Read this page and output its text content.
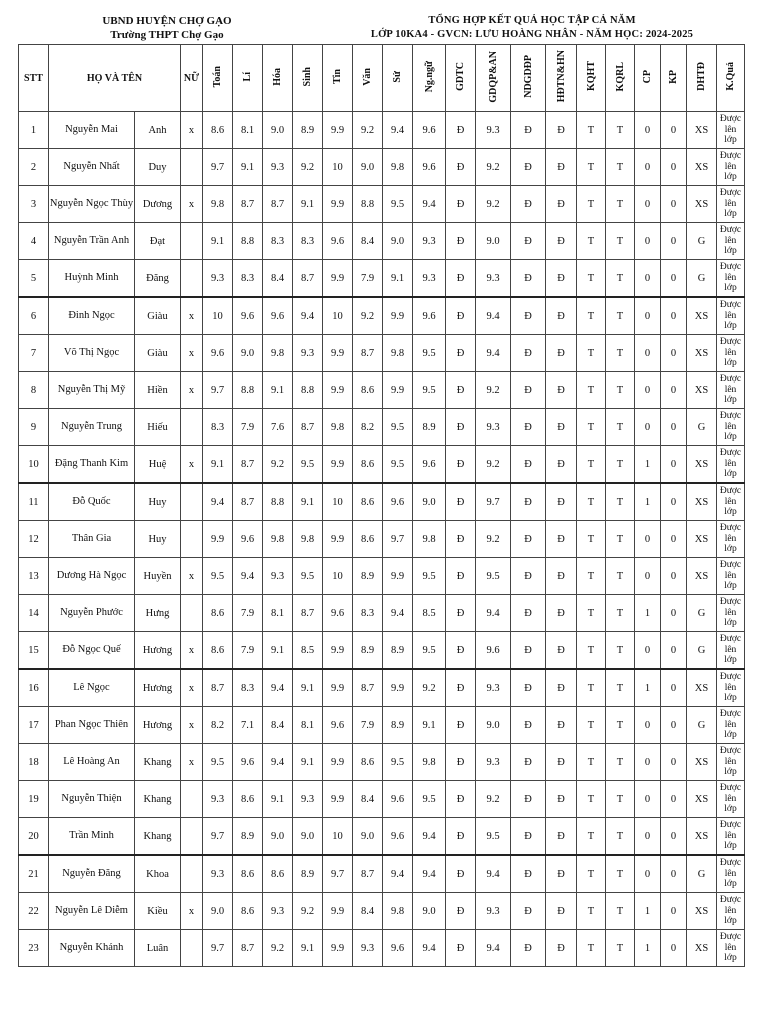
UBND HUYỆN CHỢ GẠO
Trường THPT Chợ Gạo
TỔNG HỢP KẾT QUẢ HỌC TẬP CẢ NĂM
LỚP 10KA4 - GVCN: LƯU HOÀNG NHÂN - NĂM HỌC: 2024-2025
STT	HỌ VÀ TÊN		NỮ	Toán	Lí	Hóa	Sinh	Tin	Văn	Sử	Ng.ngữ	GDTC	GDQP&AN	NDGDĐP	HĐTN&HN	KQHT	KQRL	CP	KP	DHTĐ	K.Quả
1	Nguyễn Mai	Anh	x	8.6	8.1	9.0	8.9	9.9	9.2	9.4	9.6	Đ	9.3	Đ	Đ	T	T	0	0	XS	Được
lên
lớp

2	Nguyễn Nhất	Duy		9.7	9.1	9.3	9.2	10	9.0	9.8	9.6	Đ	9.2	Đ	Đ	T	T	0	0	XS	Được
lên
lớp

3	Nguyễn Ngọc Thùy	Dương	x	9.8	8.7	8.7	9.1	9.9	8.8	9.5	9.4	Đ	9.2	Đ	Đ	T	T	0	0	XS	Được
lên
lớp

4	Nguyễn Trần Anh	Đạt		9.1	8.8	8.3	8.3	9.6	8.4	9.0	9.3	Đ	9.0	Đ	Đ	T	T	0	0	G	Được
lên
lớp

5	Huỳnh Minh	Đăng		9.3	8.3	8.4	8.7	9.9	7.9	9.1	9.3	Đ	9.3	Đ	Đ	T	T	0	0	G	Được
lên
lớp

6	Đinh Ngọc	Giàu	x	10	9.6	9.6	9.4	10	9.2	9.9	9.6	Đ	9.4	Đ	Đ	T	T	0	0	XS	Được
lên
lớp

7	Võ Thị Ngọc	Giàu	x	9.6	9.0	9.8	9.3	9.9	8.7	9.8	9.5	Đ	9.4	Đ	Đ	T	T	0	0	XS	Được
lên
lớp

8	Nguyễn Thị Mỹ	Hiền	x	9.7	8.8	9.1	8.8	9.9	8.6	9.9	9.5	Đ	9.2	Đ	Đ	T	T	0	0	XS	Được
lên
lớp

9	Nguyễn Trung	Hiếu		8.3	7.9	7.6	8.7	9.8	8.2	9.5	8.9	Đ	9.3	Đ	Đ	T	T	0	0	G	Được
lên
lớp

10	Đặng Thanh Kim	Huệ	x	9.1	8.7	9.2	9.5	9.9	8.6	9.5	9.6	Đ	9.2	Đ	Đ	T	T	1	0	XS	Được
lên
lớp

11	Đỗ Quốc	Huy		9.4	8.7	8.8	9.1	10	8.6	9.6	9.0	Đ	9.7	Đ	Đ	T	T	1	0	XS	Được
lên
lớp

12	Thân Gia	Huy		9.9	9.6	9.8	9.8	9.9	8.6	9.7	9.8	Đ	9.2	Đ	Đ	T	T	0	0	XS	Được
lên
lớp

13	Dương Hà Ngọc	Huyền	x	9.5	9.4	9.3	9.5	10	8.9	9.9	9.5	Đ	9.5	Đ	Đ	T	T	0	0	XS	Được
lên
lớp

14	Nguyễn Phước	Hưng		8.6	7.9	8.1	8.7	9.6	8.3	9.4	8.5	Đ	9.4	Đ	Đ	T	T	1	0	G	Được
lên
lớp

15	Đỗ Ngọc Quế	Hương	x	8.6	7.9	9.1	8.5	9.9	8.9	8.9	9.5	Đ	9.6	Đ	Đ	T	T	0	0	G	Được
lên
lớp

16	Lê Ngọc	Hương	x	8.7	8.3	9.4	9.1	9.9	8.7	9.9	9.2	Đ	9.3	Đ	Đ	T	T	1	0	XS	Được
lên
lớp

17	Phan Ngọc Thiên	Hương	x	8.2	7.1	8.4	8.1	9.6	7.9	8.9	9.1	Đ	9.0	Đ	Đ	T	T	0	0	G	Được
lên
lớp

18	Lê Hoàng An	Khang	x	9.5	9.6	9.4	9.1	9.9	8.6	9.5	9.8	Đ	9.3	Đ	Đ	T	T	0	0	XS	Được
lên
lớp

19	Nguyễn Thiện	Khang		9.3	8.6	9.1	9.3	9.9	8.4	9.6	9.5	Đ	9.2	Đ	Đ	T	T	0	0	XS	Được
lên
lớp

20	Trần Minh	Khang		9.7	8.9	9.0	9.0	10	9.0	9.6	9.4	Đ	9.5	Đ	Đ	T	T	0	0	XS	Được
lên
lớp

21	Nguyễn Đăng	Khoa		9.3	8.6	8.6	8.9	9.7	8.7	9.4	9.4	Đ	9.4	Đ	Đ	T	T	0	0	G	Được
lên
lớp

22	Nguyễn Lê Diễm	Kiều	x	9.0	8.6	9.3	9.2	9.9	8.4	9.8	9.0	Đ	9.3	Đ	Đ	T	T	1	0	XS	Được
lên
lớp

23	Nguyễn Khánh	Luân		9.7	8.7	9.2	9.1	9.9	9.3	9.6	9.4	Đ	9.4	Đ	Đ	T	T	1	0	XS	Được
lên
lớp
